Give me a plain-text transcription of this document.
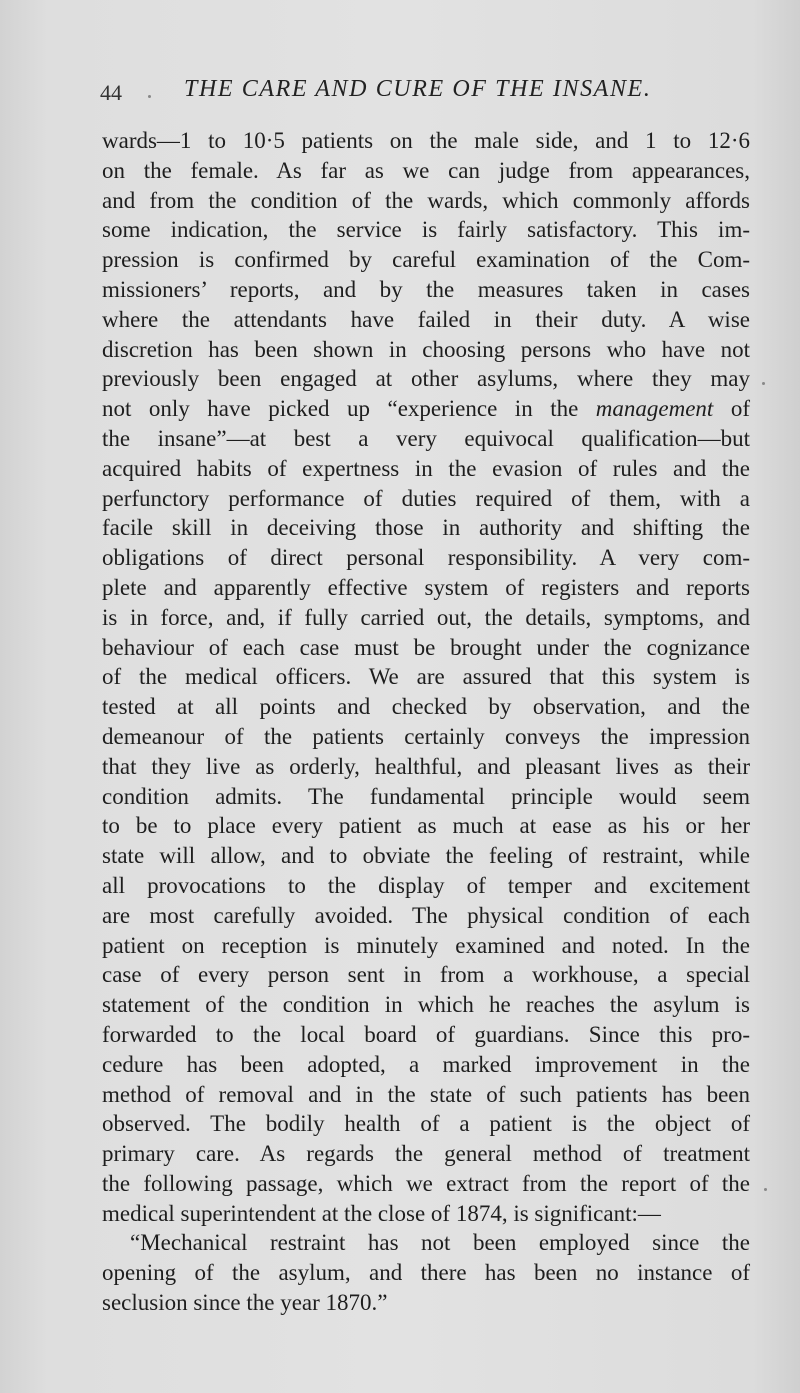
44	THE CARE AND CURE OF THE INSANE.
wards—1 to 10·5 patients on the male side, and 1 to 12·6
on the female. As far as we can judge from appearances,
and from the condition of the wards, which commonly affords
some indication, the service is fairly satisfactory. This im-
pression is confirmed by careful examination of the Com-
missioners’ reports, and by the measures taken in cases
where the attendants have failed in their duty. A wise
discretion has been shown in choosing persons who have not
previously been engaged at other asylums, where they may
not only have picked up “experience in the management of
the insane”—at best a very equivocal qualification—but
acquired habits of expertness in the evasion of rules and the
perfunctory performance of duties required of them, with a
facile skill in deceiving those in authority and shifting the
obligations of direct personal responsibility. A very com-
plete and apparently effective system of registers and reports
is in force, and, if fully carried out, the details, symptoms, and
behaviour of each case must be brought under the cognizance
of the medical officers. We are assured that this system is
tested at all points and checked by observation, and the
demeanour of the patients certainly conveys the impression
that they live as orderly, healthful, and pleasant lives as their
condition admits. The fundamental principle would seem
to be to place every patient as much at ease as his or her
state will allow, and to obviate the feeling of restraint, while
all provocations to the display of temper and excitement
are most carefully avoided. The physical condition of each
patient on reception is minutely examined and noted. In the
case of every person sent in from a workhouse, a special
statement of the condition in which he reaches the asylum is
forwarded to the local board of guardians. Since this pro-
cedure has been adopted, a marked improvement in the
method of removal and in the state of such patients has been
observed. The bodily health of a patient is the object of
primary care. As regards the general method of treatment
the following passage, which we extract from the report of the
medical superintendent at the close of 1874, is significant:—
“Mechanical restraint has not been employed since the
opening of the asylum, and there has been no instance of
seclusion since the year 1870.”
